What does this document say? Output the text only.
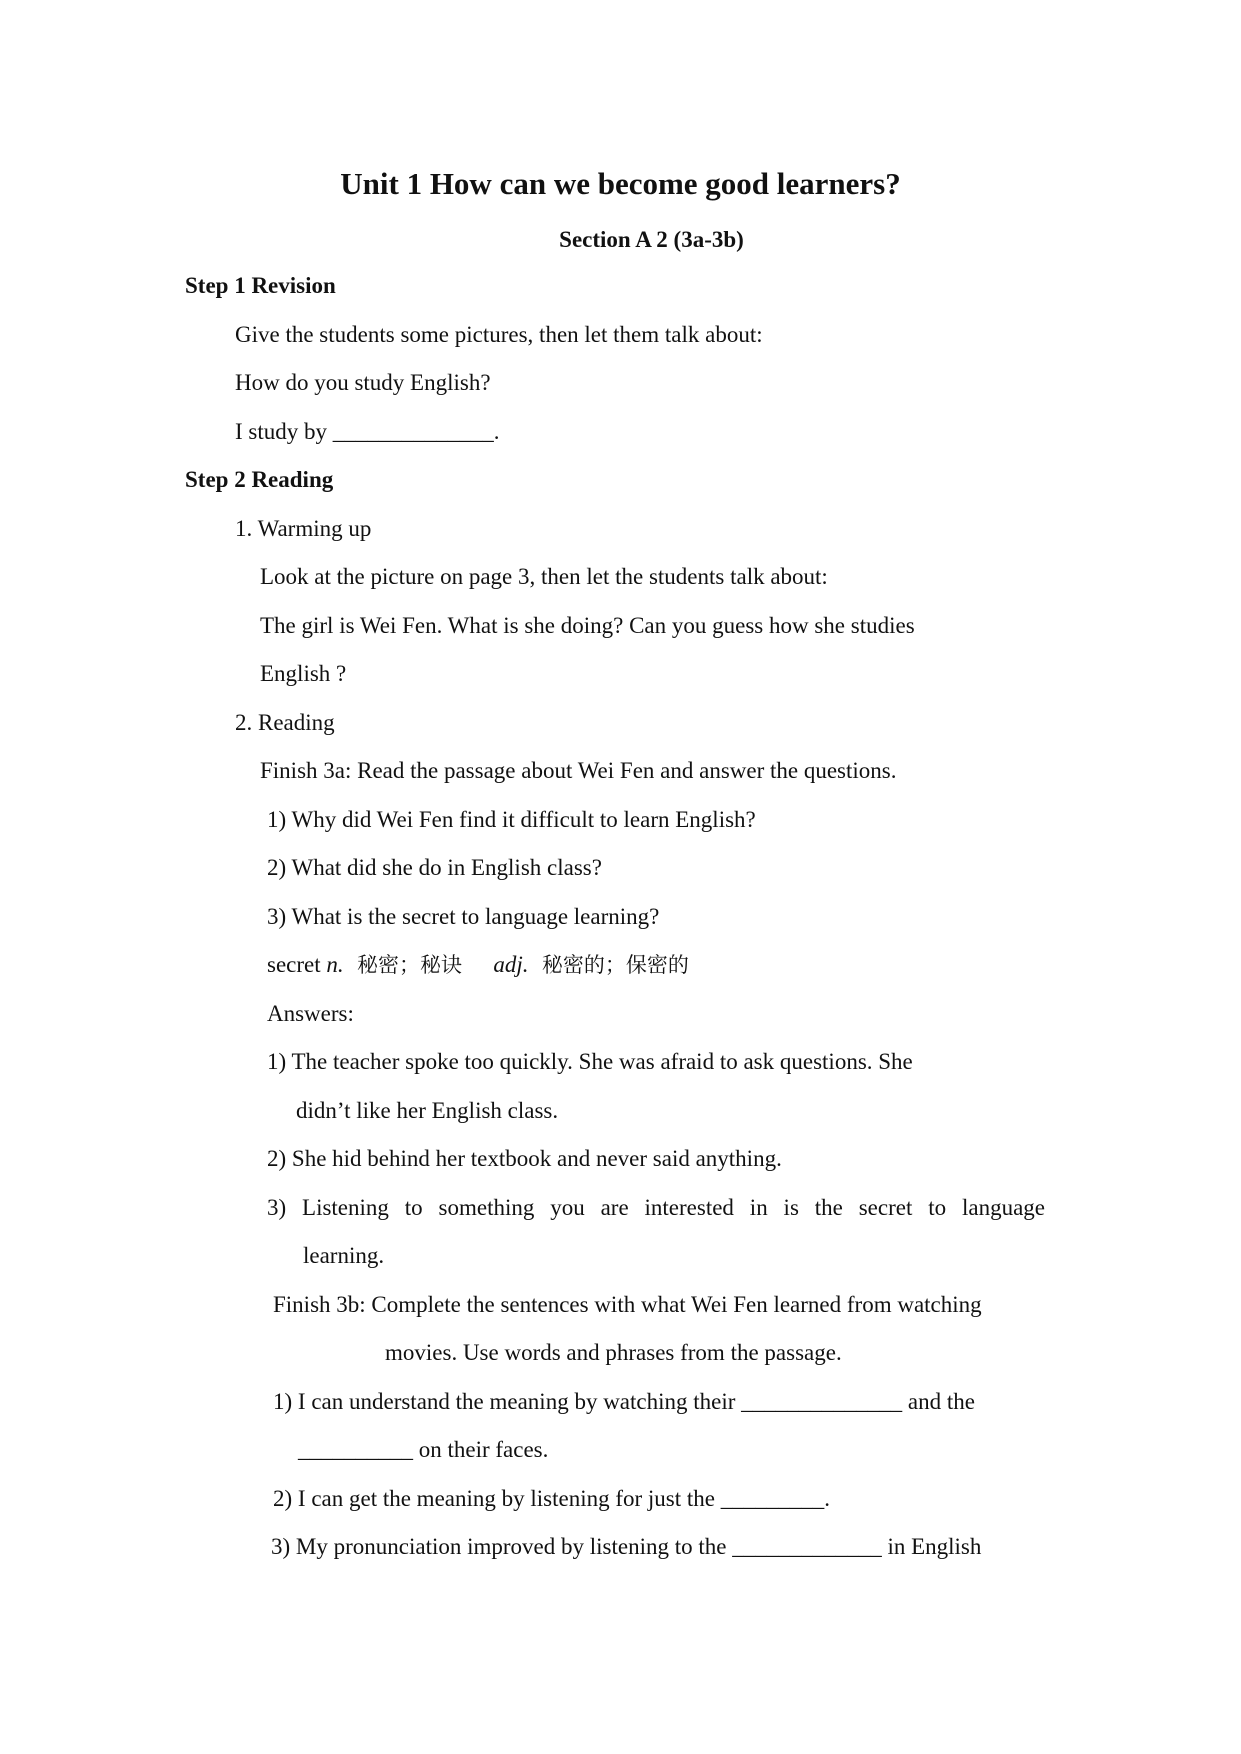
Unit 1 How can we become good learners?
Section A 2 (3a-3b)
Step 1 Revision
Give the students some pictures, then let them talk about:
How do you study English?
I study by ______________.
Step 2 Reading
1. Warming up
Look at the picture on page 3, then let the students talk about:
The girl is Wei Fen. What is she doing? Can you guess how she studies
English ?
2. Reading
Finish 3a: Read the passage about Wei Fen and answer the questions.
1) Why did Wei Fen find it difficult to learn English?
2) What did she do in English class?
3) What is the secret to language learning?
secret n.  秘密；秘诀  adj.  秘密的；保密的
Answers:
1) The teacher spoke too quickly. She was afraid to ask questions. She
didn’t like her English class.
2) She hid behind her textbook and never said anything.
3) Listening to something you are interested in is the secret to language
learning.
Finish 3b: Complete the sentences with what Wei Fen learned from watching
movies. Use words and phrases from the passage.
1) I can understand the meaning by watching their ______________ and the
__________ on their faces.
2) I can get the meaning by listening for just the _________.
3) My pronunciation improved by listening to the _____________ in English
